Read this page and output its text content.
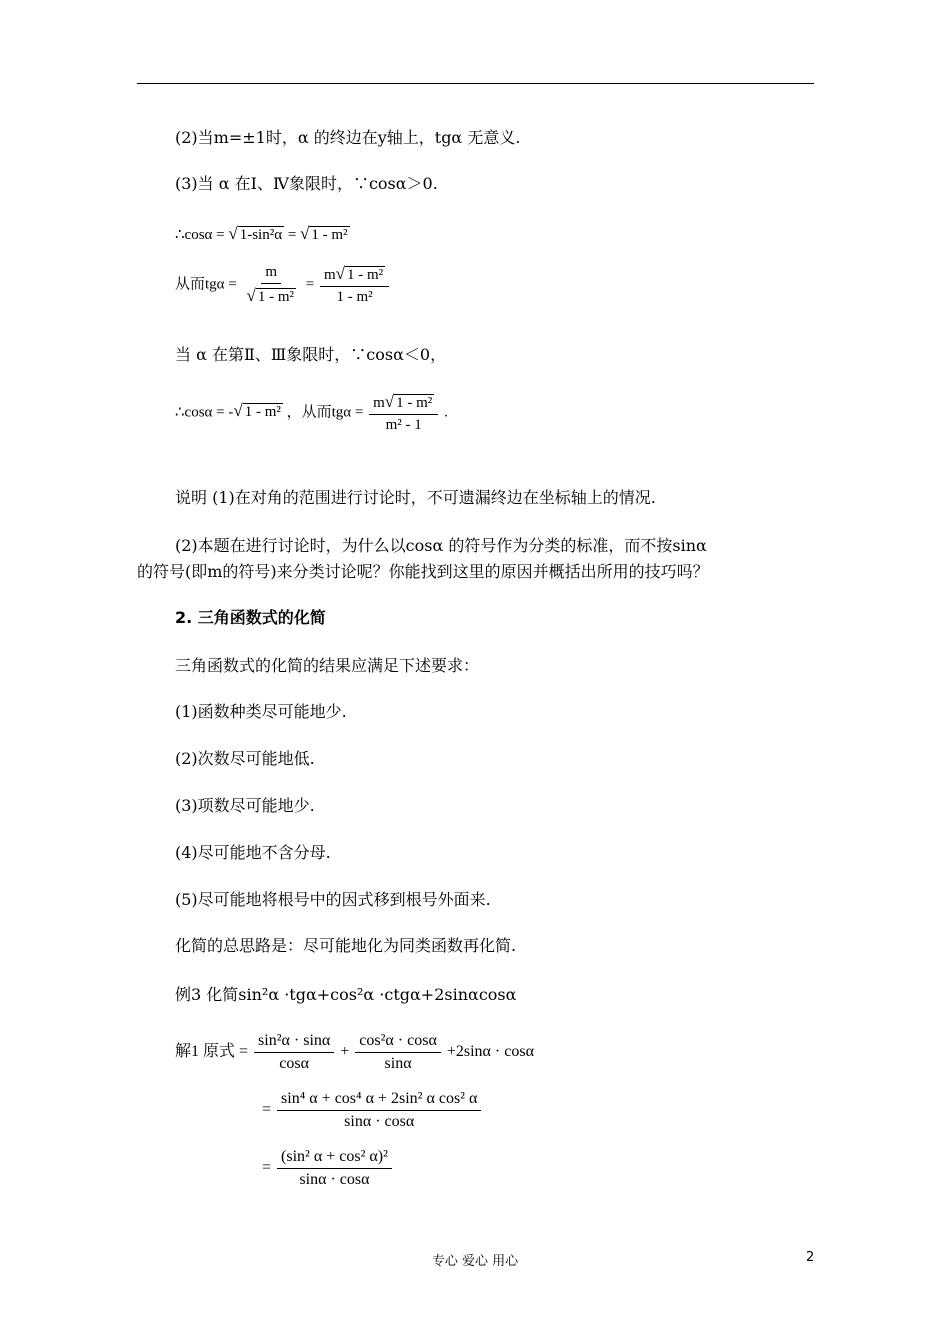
(2)当m=±1时，α 的终边在y轴上，tgα 无意义.
(3)当 α 在Ⅰ、Ⅳ象限时，∵cosα＞0.
∴cosα = √ 1-sin²α = √ 1 - m²
从而$tg\alpha = \frac{m}{\text{√ 1 - m²}} = \frac{\text{m √ 1 - m²}}{\text{1 - m²}}$
当 α 在第Ⅱ、Ⅲ象限时，∵cosα＜0，
∴cosα = - √ 1 - m² ，从而$tg\alpha = \frac{\text{m √ 1 - m²}}{\text{m² - 1}}$ .
说明 (1)在对角的范围进行讨论时，不可遗漏终边在坐标轴上的情况.
(2)本题在进行讨论时，为什么以cosα 的符号作为分类的标准，而不按sinα
的符号(即m的符号)来分类讨论呢？你能找到这里的原因并概括出所用的技巧吗？
2. 三角函数式的化简
三角函数式的化简的结果应满足下述要求：
(1)函数种类尽可能地少.
(2)次数尽可能地低.
(3)项数尽可能地少.
(4)尽可能地不含分母.
(5)尽可能地将根号中的因式移到根号外面来.
化简的总思路是：尽可能地化为同类函数再化简.
例3 化简sin²α ·tgα+cos²α ·ctgα+2sinαcosα
解1 原式 = $\frac{\text{sin²α · sinα}}{\cos\alpha} + \frac{\text{cos²α · cosα}}{\sin\alpha} +2\sin\alpha \cdot \cos\alpha$
= $\frac{\text{sin⁴ α + cos⁴ α + 2sin² α cos² α}}{\sin\alpha \cdot \cos\alpha}$
= $\frac{\text{(sin² α + cos² α)²}}{\sin\alpha \cdot \cos\alpha}$
专心 爱心 用心	2
